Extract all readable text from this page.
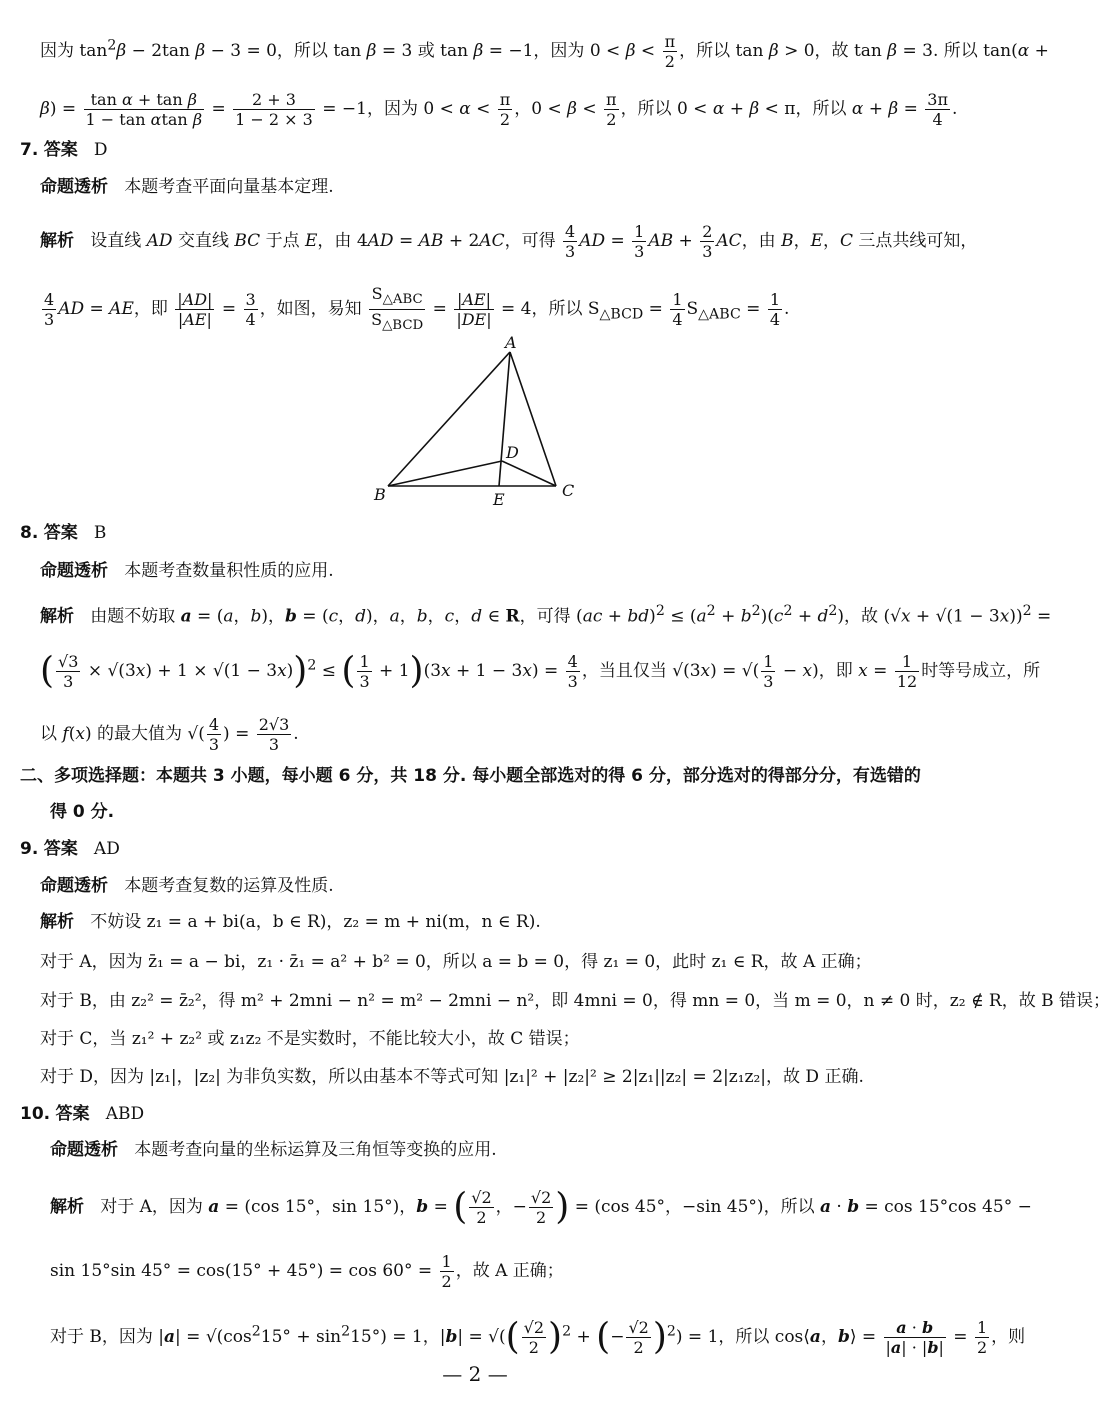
因为 $\tan^2\beta - 2\tan$ β − 3 = 0，所以 tan β = 3 或 tan β = −1，因为 $0 < \beta < \frac{\pi}{2}$ ，所以 tan β > 0，故 tan β = 3. 所以 tan(α +
$\beta) = \frac{\text{tan α + tan β}}{\text{1 − tan αtan β}} = \frac{2 + 3}{1 - 2 \times 3} = -1$，因为 $0 < \alpha < \frac{\pi}{2}$ ，$0 < \beta < \frac{\pi}{2}$ ，所以 0 < α + β < π，所以 $\alpha + \beta = \frac{3\pi}{4}$ .
7. 答案 D
命题透析 本题考查平面向量基本定理.
解析   设直线 AD 交直线 BC 于点 E，由 4AD = AB + 2AC，可得 $\frac{4}{3}$ AD = $\frac{1}{3}$ AB + $\frac{2}{3}$ AC，由 B，E，C 三点共线可知，
$\frac{4}{3}$ AD = AE，即 $\frac{|AD|}{|AE|} = \frac{3}{4}$ ，如图，易知 $\frac{S_{\triangle ABC}}{S_{\triangle BCD}} = \frac{|AE|}{|DE|} = 4$，所以 $S_{\triangle BCD} = \frac{1}{4} S_{\triangle ABC} = \frac{1}{4}$ .
A
B	C
D
E
8. 答案 B
命题透析 本题考查数量积性质的应用.
解析   由题不妨取 a = (a，b)，b = (c，d)，a，b，c，d ∈ R，可得 $(ac + bd)^2 \le (a^2 + b^2)(c^2 + d^2)$，故 $(√x + √(1 - 3x))^2$ =
( $\frac{√3}{3} \times √(3x) + 1 \times √(1 - 3x))^2$ ≤ ( $\frac{1}{3} + 1)(3x + 1 - 3x) = \frac{4}{3}$ ，当且仅当 √(3x) = √( $\frac{1}{3} - x$)，即 $x = \frac{1}{12}$ 时等号成立，所
以 f(x) 的最大值为 √( $\frac{4}{3}$ ) = $\frac{2√3}{3}$ .
二、多项选择题：本题共 3 小题，每小题 6 分，共 18 分. 每小题全部选对的得 6 分，部分选对的得部分分，有选错的
得 0 分.
9. 答案 AD
命题透析 本题考查复数的运算及性质.
解析 不妨设 z₁ = a + bi(a，b ∈ R)，z₂ = m + ni(m，n ∈ R).
对于 A，因为 z̄₁ = a − bi，z₁ · z̄₁ = a² + b² = 0，所以 a = b = 0，得 z₁ = 0，此时 z₁ ∈ R，故 A 正确；
对于 B，由 z₂² = z̄₂²，得 m² + 2mni − n² = m² − 2mni − n²，即 4mni = 0，得 mn = 0，当 m = 0，n ≠ 0 时，z₂ ∉ R，故 B 错误；
对于 C，当 z₁² + z₂² 或 z₁z₂ 不是实数时，不能比较大小，故 C 错误；
对于 D，因为 |z₁|，|z₂| 为非负实数，所以由基本不等式可知 |z₁|² + |z₂|² ≥ 2|z₁||z₂| = 2|z₁z₂|，故 D 正确.
10. 答案 ABD
命题透析 本题考查向量的坐标运算及三角恒等变换的应用.
解析   对于 A，因为 a = (cos 15°，sin 15°)，b = ( $\frac{√2}{2}$ ，− $\frac{√2}{2}$ ) = (cos 45°，−sin 45°)，所以 a · b = cos 15°cos 45° −
sin 15°sin $45^\circ = \cos(15^\circ + 45^\circ) = \cos 60^\circ = \frac{1}{2}$ ，故 A 正确；
对于 B，因为 $|a| = √(\cos^215^\circ + \sin^215^\circ) = 1$，|b| = √(( $\frac{√2}{2} )^2$ + (− $\frac{√2}{2} )^2) = 1$，所以 cos⟨a，b⟩ = $\frac{a \cdot b}{|a| \cdot |b|} = \frac{1}{2}$ ，则
— 2 —
